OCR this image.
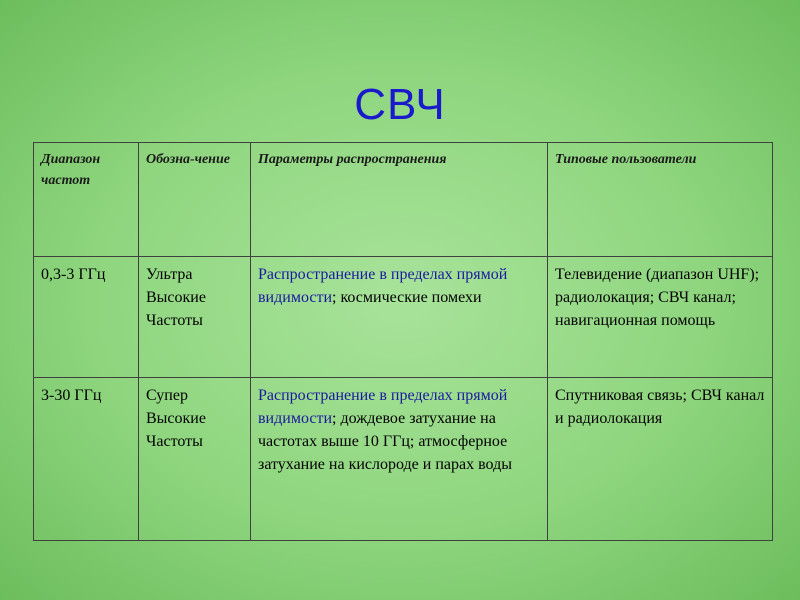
СВЧ
Диапазон частот	Обозна-чение	Параметры распространения	Типовые пользователи
0,3-3 ГГц	Ультра Высокие Частоты	Распространение в пределах прямой видимости; космические помехи	Телевидение (диапазон UHF); радиолокация; СВЧ канал; навигационная помощь
3-30 ГГц	Супер Высокие Частоты	Распространение в пределах прямой видимости; дождевое затухание на частотах выше 10 ГГц; атмосферное затухание на кислороде и парах воды	Спутниковая связь; СВЧ канал и радиолокация
